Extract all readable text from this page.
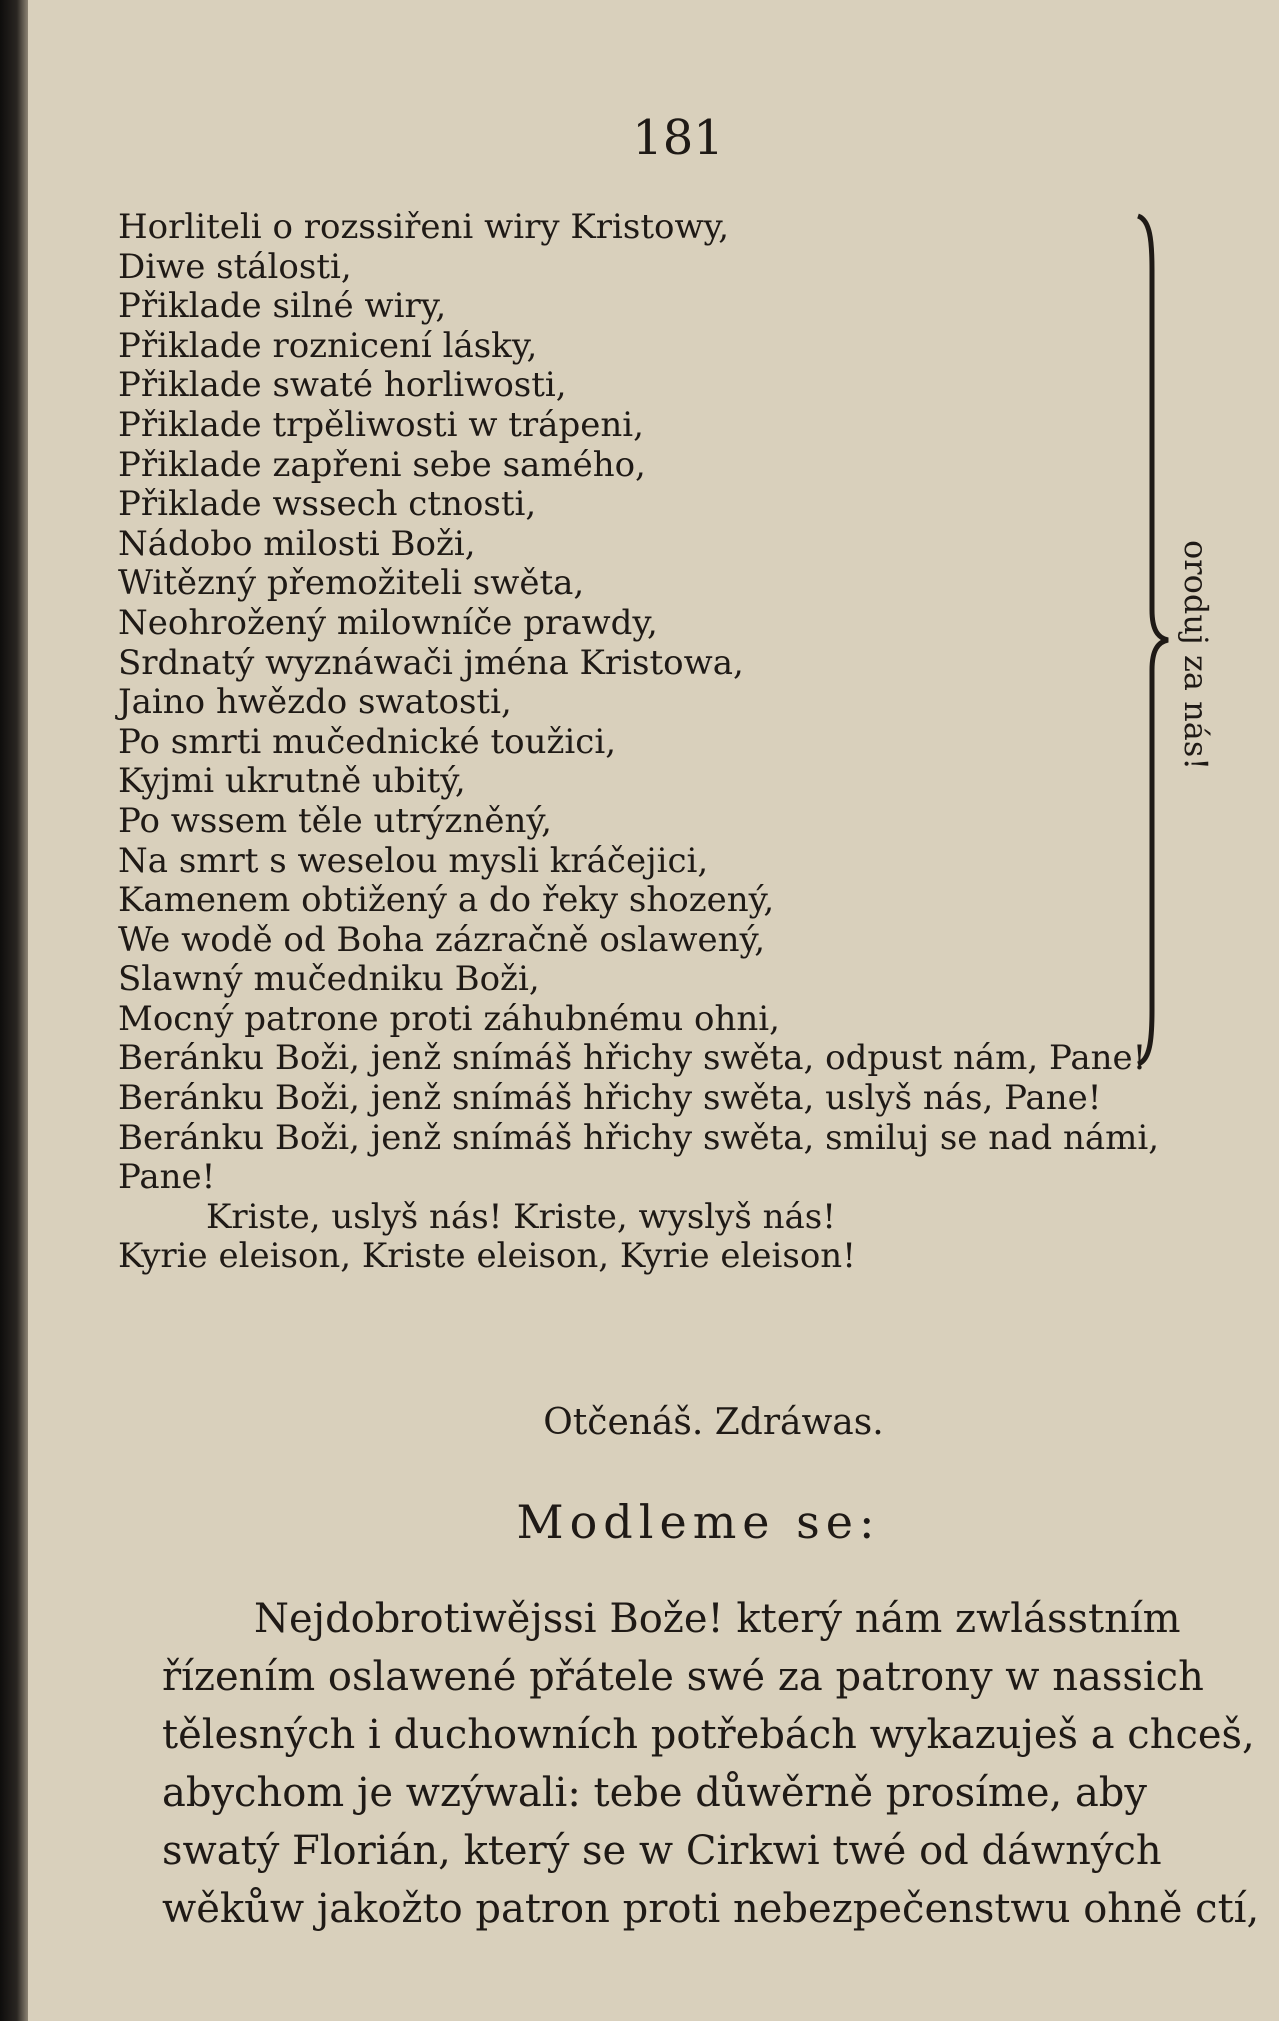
181
Horliteli o rozssiřeni wiry Kristowy,
Diwe stálosti,
Přiklade silné wiry,
Přiklade roznicení lásky,
Přiklade swaté horliwosti,
Přiklade trpěliwosti w trápeni,
Přiklade zapřeni sebe samého,
Přiklade wssech ctnosti,
Nádobo milosti Boži,
Witězný přemožiteli swěta,
Neohrožený milowníče prawdy,
Srdnatý wyznáwači jména Kristowa,
Jaino hwězdo swatosti,
Po smrti mučednické toužici,
Kyjmi ukrutně ubitý,
Po wssem těle utrýzněný,
Na smrt s weselou mysli kráčejici,
Kamenem obtižený a do řeky shozený,
We wodě od Boha zázračně oslawený,
Slawný mučedniku Boži,
Mocný patrone proti záhubnému ohni,
Beránku Boži, jenž snímáš hřichy swěta, odpust nám, Pane!
Beránku Boži, jenž snímáš hřichy swěta, uslyš nás, Pane!
Beránku Boži, jenž snímáš hřichy swěta, smiluj se nad námi,
Pane!
Kriste, uslyš nás! Kriste, wyslyš nás!
Kyrie eleison, Kriste eleison, Kyrie eleison!
oroduj za nás!
Otčenáš. Zdráwas.
Modleme se:
Nejdobrotiwějssi Bože! který nám zwlásstním
řízením oslawené přátele swé za patrony w nassich
tělesných i duchowních potřebách wykazuješ a chceš,
abychom je wzýwali: tebe důwěrně prosíme, aby
swatý Florián, který se w Cirkwi twé od dáwných
wěkůw jakožto patron proti nebezpečenstwu ohně ctí,
